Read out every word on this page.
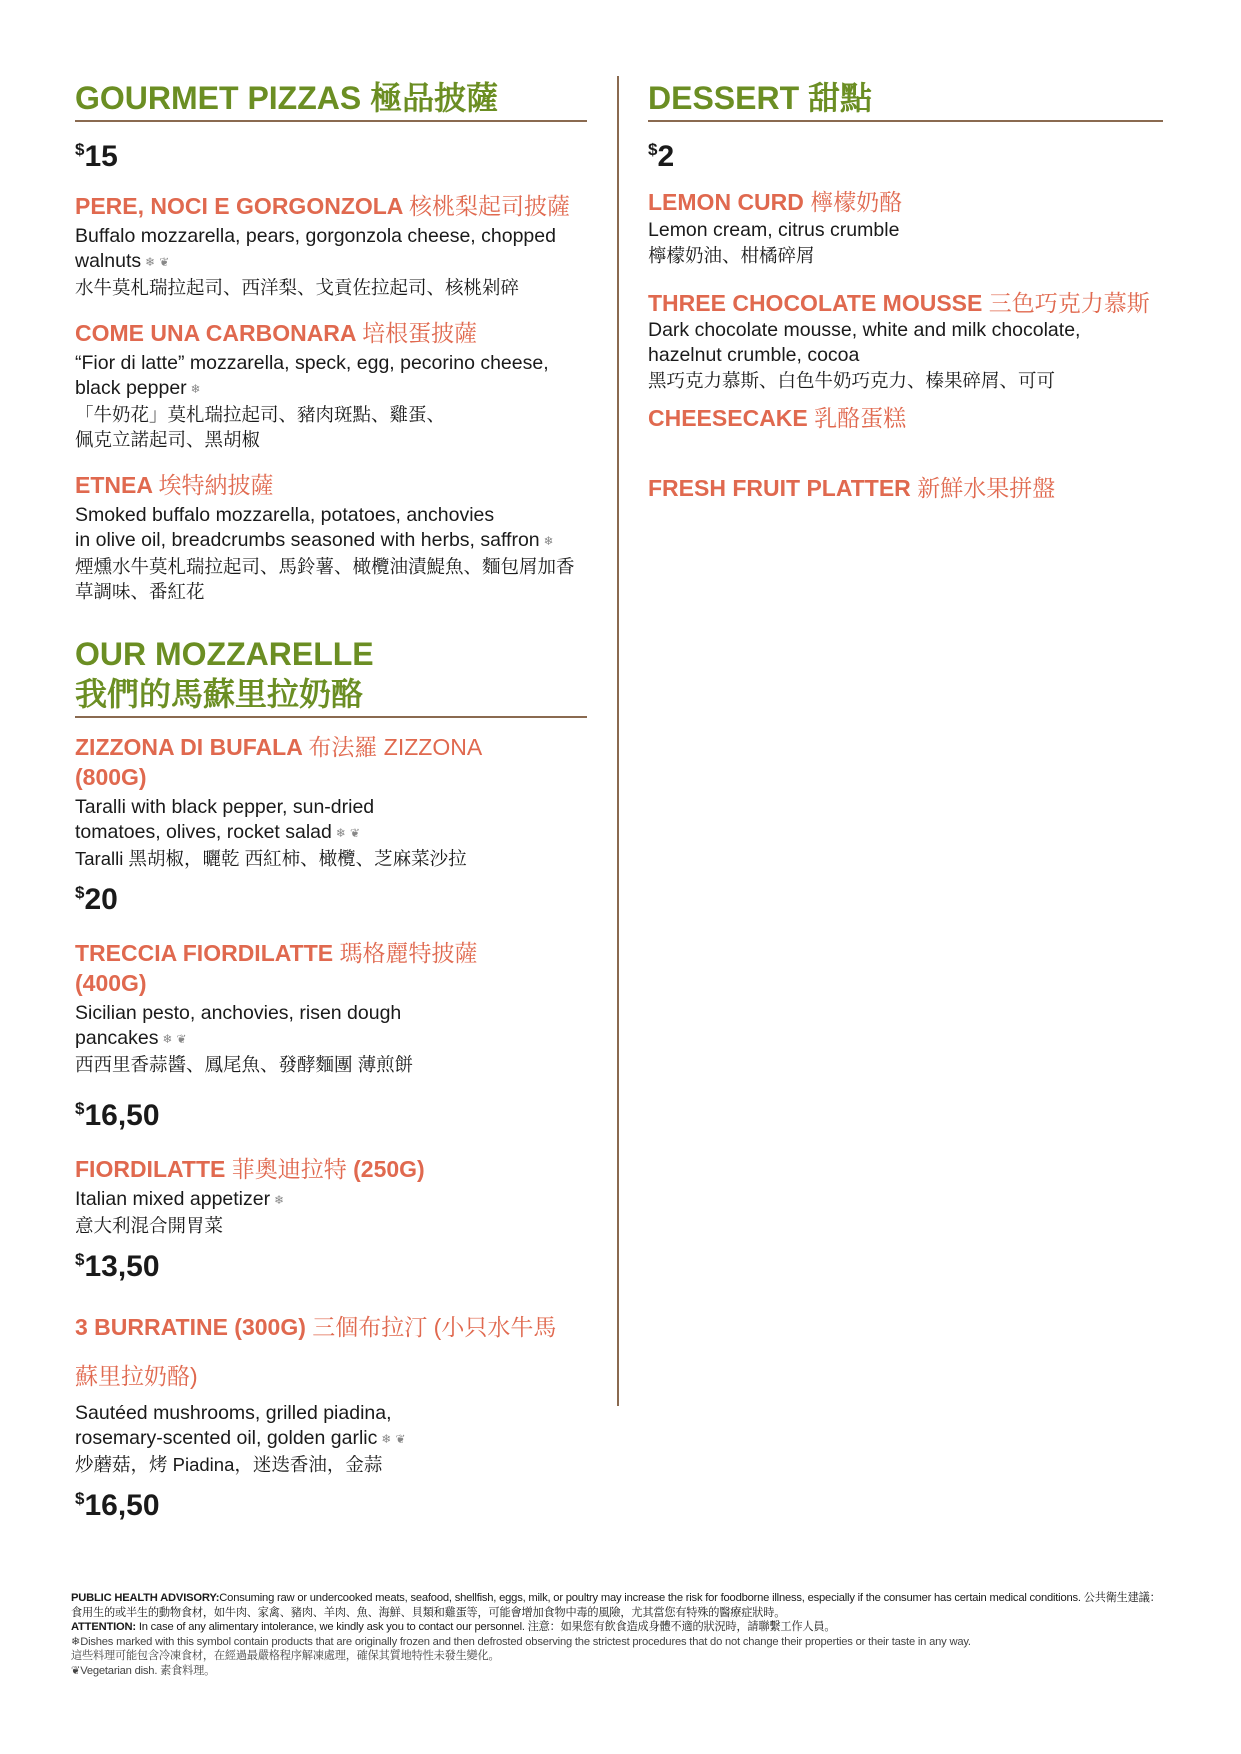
GOURMET PIZZAS 極品披薩
$15
PERE, NOCI E GORGONZOLA 核桃梨起司披薩
Buffalo mozzarella, pears, gorgonzola cheese, chopped
walnuts ❄ ❦
水牛莫札瑞拉起司、西洋梨、戈貢佐拉起司、核桃剁碎
COME UNA CARBONARA 培根蛋披薩
“Fior di latte” mozzarella, speck, egg, pecorino cheese,
black pepper ❄
「牛奶花」莫札瑞拉起司、豬肉斑點、雞蛋、
佩克立諾起司、黑胡椒
ETNEA 埃特納披薩
Smoked buffalo mozzarella, potatoes, anchovies
in olive oil, breadcrumbs seasoned with herbs, saffron ❄
煙燻水牛莫札瑞拉起司、馬鈴薯、橄欖油漬鯷魚、麵包屑加香
草調味、番紅花
OUR MOZZARELLE
我們的馬蘇里拉奶酪
ZIZZONA DI BUFALA 布法羅 ZIZZONA
(800G)
Taralli with black pepper, sun-dried
tomatoes, olives, rocket salad ❄ ❦
Taralli 黑胡椒，曬乾 西紅柿、橄欖、芝麻菜沙拉
$20
TRECCIA FIORDILATTE 瑪格麗特披薩
(400G)
Sicilian pesto, anchovies, risen dough
pancakes ❄ ❦
西西里香蒜醬、鳳尾魚、發酵麵團 薄煎餅
$16,50
FIORDILATTE 菲奧迪拉特 (250G)
Italian mixed appetizer ❄
意大利混合開胃菜
$13,50
3 BURRATINE (300G) 三個布拉汀 (小只水牛馬
蘇里拉奶酪)
Sautéed mushrooms, grilled piadina,
rosemary-scented oil, golden garlic ❄ ❦
炒蘑菇，烤 Piadina，迷迭香油，金蒜
$16,50
DESSERT 甜點
$2
LEMON CURD 檸檬奶酪
Lemon cream, citrus crumble
檸檬奶油、柑橘碎屑
THREE CHOCOLATE MOUSSE 三色巧克力慕斯
Dark chocolate mousse, white and milk chocolate,
hazelnut crumble, cocoa
黑巧克力慕斯、白色牛奶巧克力、榛果碎屑、可可
CHEESECAKE 乳酪蛋糕
FRESH FRUIT PLATTER 新鮮水果拼盤
PUBLIC HEALTH ADVISORY:Consuming raw or undercooked meats, seafood, shellfish, eggs, milk, or poultry may increase the risk for foodborne illness, especially if the consumer has certain medical conditions. 公共衛生建議：食用生的或半生的動物食材，如牛肉、家禽、豬肉、羊肉、魚、海鮮、貝類和雞蛋等，可能會增加食物中毒的風險，尤其當您有特殊的醫療症狀時。
ATTENTION: In case of any alimentary intolerance, we kindly ask you to contact our personnel. 注意：如果您有飲食造成身體不適的狀況時，請聯繫工作人員。
❄Dishes marked with this symbol contain products that are originally frozen and then defrosted observing the strictest procedures that do not change their properties or their taste in any way.
這些料理可能包含冷凍食材，在經過最嚴格程序解凍處理，確保其質地特性未發生變化。
❦Vegetarian dish. 素食料理。
